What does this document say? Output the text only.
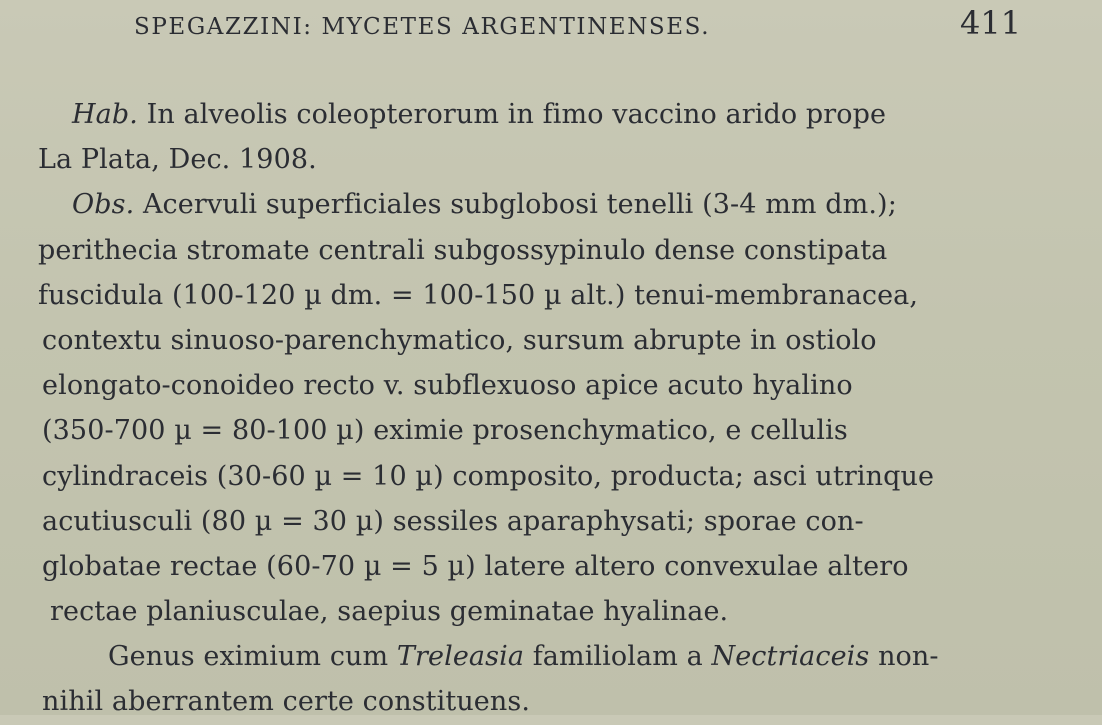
SPEGAZZINI: MYCETES ARGENTINENSES.	411
Hab. In alveolis coleopterorum in fimo vaccino arido prope
La Plata, Dec. 1908.
Obs. Acervuli superficiales subglobosi tenelli (3-4 mm dm.);
perithecia stromate centrali subgossypinulo dense constipata
fuscidula (100-120 µ dm. = 100-150 µ alt.) tenui-membranacea,
contextu sinuoso-parenchymatico, sursum abrupte in ostiolo
elongato-conoideo recto v. subflexuoso apice acuto hyalino
(350-700 µ = 80-100 µ) eximie prosenchymatico, e cellulis
cylindraceis (30-60 µ = 10 µ) composito, producta; asci utrinque
acutiusculi (80 µ = 30 µ) sessiles aparaphysati; sporae con-
globatae rectae (60-70 µ = 5 µ) latere altero convexulae altero
rectae planiusculae, saepius geminatae hyalinae.
Genus eximium cum Treleasia familiolam a Nectriaceis non-
nihil aberrantem certe constituens.
